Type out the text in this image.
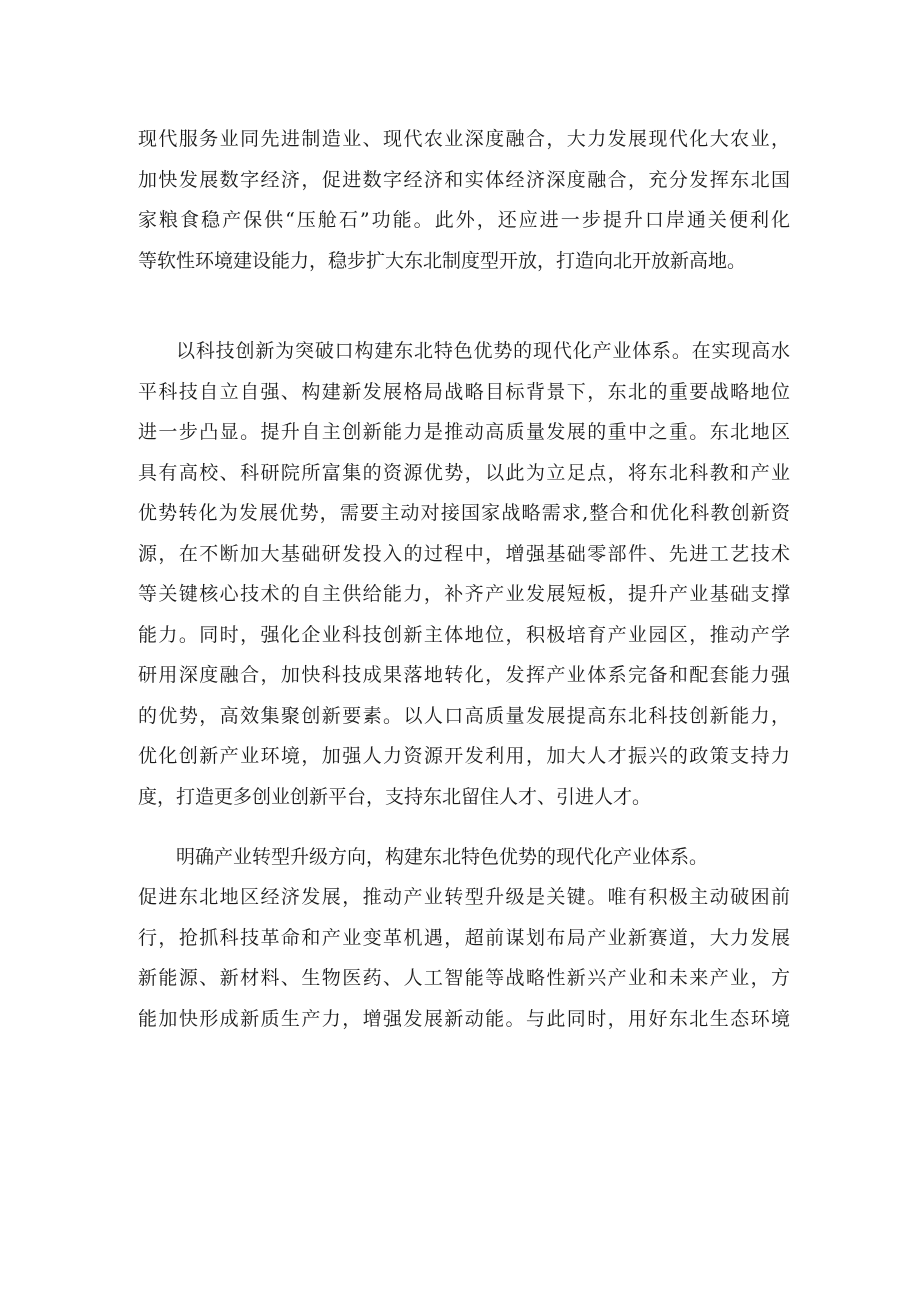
现代服务业同先进制造业、现代农业深度融合，大力发展现代化大农业，
加快发展数字经济，促进数字经济和实体经济深度融合，充分发挥东北国
家粮食稳产保供“压舱石”功能。此外，还应进一步提升口岸通关便利化
等软性环境建设能力，稳步扩大东北制度型开放，打造向北开放新高地。
以科技创新为突破口构建东北特色优势的现代化产业体系。在实现高水
平科技自立自强、构建新发展格局战略目标背景下，东北的重要战略地位
进一步凸显。提升自主创新能力是推动高质量发展的重中之重。东北地区
具有高校、科研院所富集的资源优势，以此为立足点，将东北科教和产业
优势转化为发展优势，需要主动对接国家战略需求,整合和优化科教创新资
源，在不断加大基础研发投入的过程中，增强基础零部件、先进工艺技术
等关键核心技术的自主供给能力，补齐产业发展短板，提升产业基础支撑
能力。同时，强化企业科技创新主体地位，积极培育产业园区，推动产学
研用深度融合，加快科技成果落地转化，发挥产业体系完备和配套能力强
的优势，高效集聚创新要素。以人口高质量发展提高东北科技创新能力，
优化创新产业环境，加强人力资源开发利用，加大人才振兴的政策支持力
度，打造更多创业创新平台，支持东北留住人才、引进人才。
明确产业转型升级方向，构建东北特色优势的现代化产业体系。
促进东北地区经济发展，推动产业转型升级是关键。唯有积极主动破困前
行，抢抓科技革命和产业变革机遇，超前谋划布局产业新赛道，大力发展
新能源、新材料、生物医药、人工智能等战略性新兴产业和未来产业，方
能加快形成新质生产力，增强发展新动能。与此同时，用好东北生态环境
